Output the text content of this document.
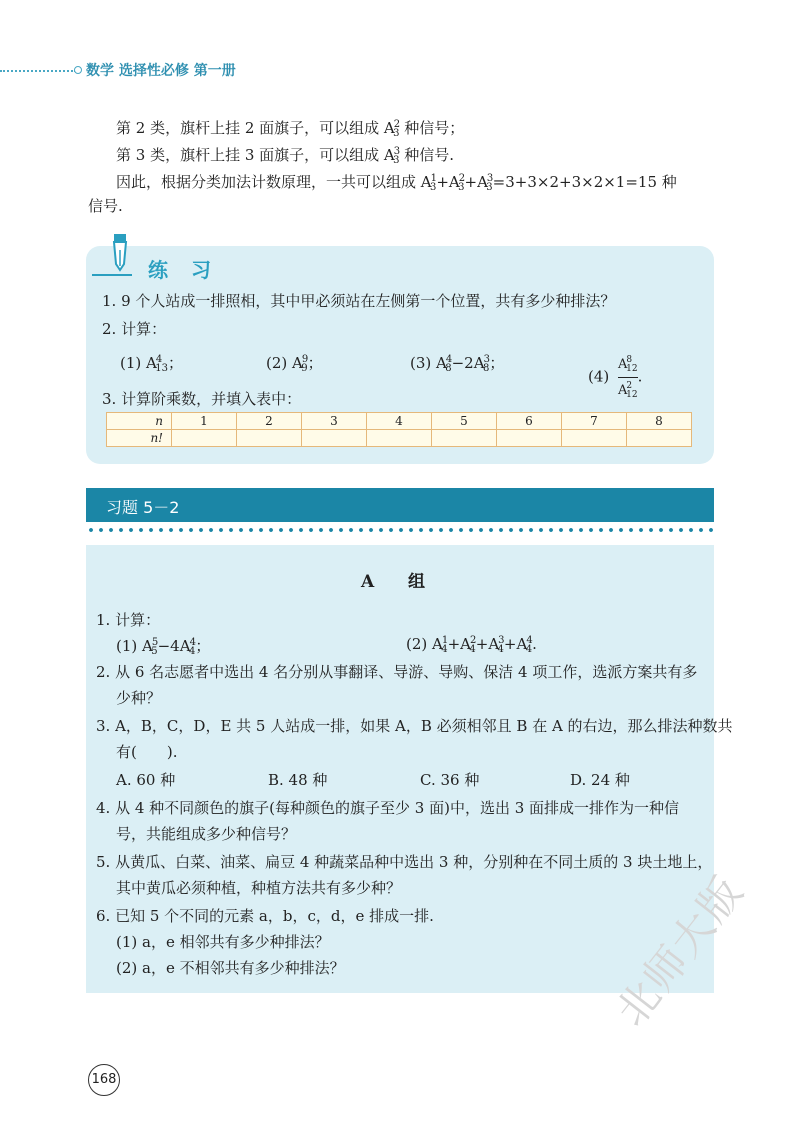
数学 选择性必修 第一册
第 2 类，旗杆上挂 2 面旗子，可以组成 $A^2_3$ 种信号；
第 3 类，旗杆上挂 3 面旗子，可以组成 $A^3_3$ 种信号.
因此，根据分类加法计数原理，一共可以组成 $A^1_3+A^2_3+A^3_3=3+3\times 2+3\times 2\times 1=15$ 种
信号.
练 习
1. 9 个人站成一排照相，其中甲必须站在左侧第一个位置，共有多少种排法？
2. 计算：
(1) $A^4_{13}$；	(2) $A^9_9$；	(3) $A^4_8-2A^3_8$；
$(4) \frac{A^8_{12}}{A^2_{12}}$ .
3. 计算阶乘数，并填入表中：
n	1	2	3	4	5	6	7	8
n!								
习题 5－2
A 组
1. 计算：
(1) $A^5_5-4A^4_4$；	(2) $A^1_4+A^2_4+A^3_4+A^4_4$.
2. 从 6 名志愿者中选出 4 名分别从事翻译、导游、导购、保洁 4 项工作，选派方案共有多
少种？
3. A，B，C，D，E 共 5 人站成一排，如果 A，B 必须相邻且 B 在 A 的右边，那么排法种数共
有(　　).
A. 60 种	B. 48 种	C. 36 种	D. 24 种
4. 从 4 种不同颜色的旗子(每种颜色的旗子至少 3 面)中，选出 3 面排成一排作为一种信
号，共能组成多少种信号？
5. 从黄瓜、白菜、油菜、扁豆 4 种蔬菜品种中选出 3 种，分别种在不同土质的 3 块土地上，
其中黄瓜必须种植，种植方法共有多少种？
6. 已知 5 个不同的元素 a，b，c，d，e 排成一排.
(1) a，e 相邻共有多少种排法？
(2) a，e 不相邻共有多少种排法？
168
北师大版
